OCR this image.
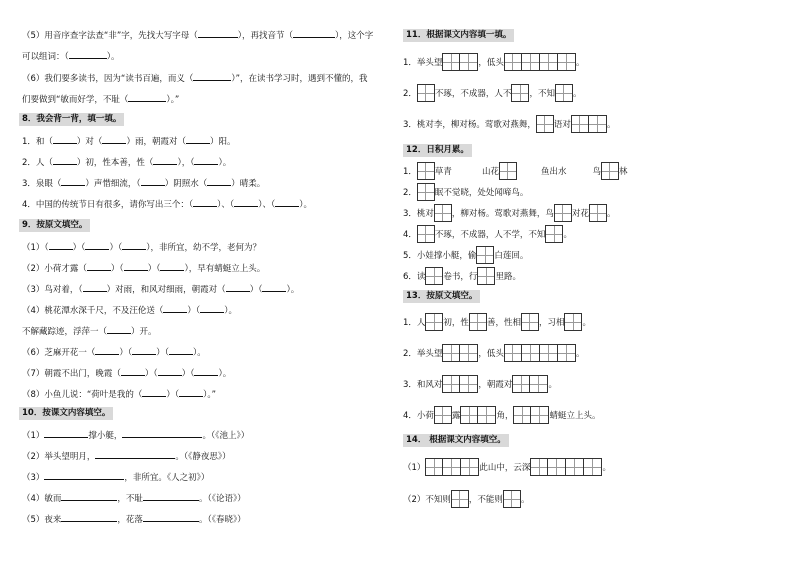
（5）用音序查字法查“非”字，先找大写字母（	），再找音节（	），这个字
可以组词：（	）。
（6）我们要多读书，因为“读书百遍，而义（	）”，在读书学习时，遇到不懂的，我
们要做到“敏而好学，不耻（	）。”
8．我会背一背，填一填。
1．和（	）对（	）雨，朝霞对（	）阳。
2．人（	）初，性本善，性（	），（	）。
3．泉眼（	）声惜细流，（	）阴照水（	）晴柔。
4．中国的传统节日有很多，请你写出三个：（	）、（	）、（	）。
9．按原文填空。
（1）（	）（	）（	），非所宜，幼不学，老何为？
（2）小荷才露（	）（	）（	），早有蜻蜓立上头。
（3）鸟对着，（	）对雨，和风对细雨，朝霞对（	）（	）。
（4）桃花潭水深千尺，不及汪伦送（	）（	）。
不解藏踪迹，浮萍一（	）开。
（6）芝麻开花一（	）（	）（	）。
（7）朝霞不出门，晚霞（	）（	）（	）。
（8）小鱼儿说：“荷叶是我的（	）（	）。”
10．按课文内容填空。
（1）	撑小艇，	。（《池上》）
（2）举头望明月，	。（《静夜思》）
（3）	，非所宜。《人之初》）
（4）敏而	，不耻	。（《论语》）
（5）夜来	，花落	。（《春晓》）
11．根据课文内容填一填。
1．举头望	，低头	。
2． 不琢，不成器，人不 ，不知 。
3．桃对李，柳对杨。莺歌对燕舞， 语对	。
12．日积月累。
1． 草青	山花	鱼出水	鸟 林
2． 眠不觉晓，处处闻啼鸟。
3．桃对 ，柳对杨。莺歌对燕舞，鸟 对花 。
4． 不琢，不成器，人不学，不知 。
5．小娃撑小艇，偷 白莲回。
6．读 卷书，行 里路。
13．按原文填空。
1．人 初，性 善，性相 ，习相 。
2．举头望	，低头	。
3．和风对	，朝霞对	。
4．小荷 露	角，	蜻蜓立上头。
14． 根据课文内容填空。
（1）	此山中，云深	。
（2）不知则 ，不能则 。
